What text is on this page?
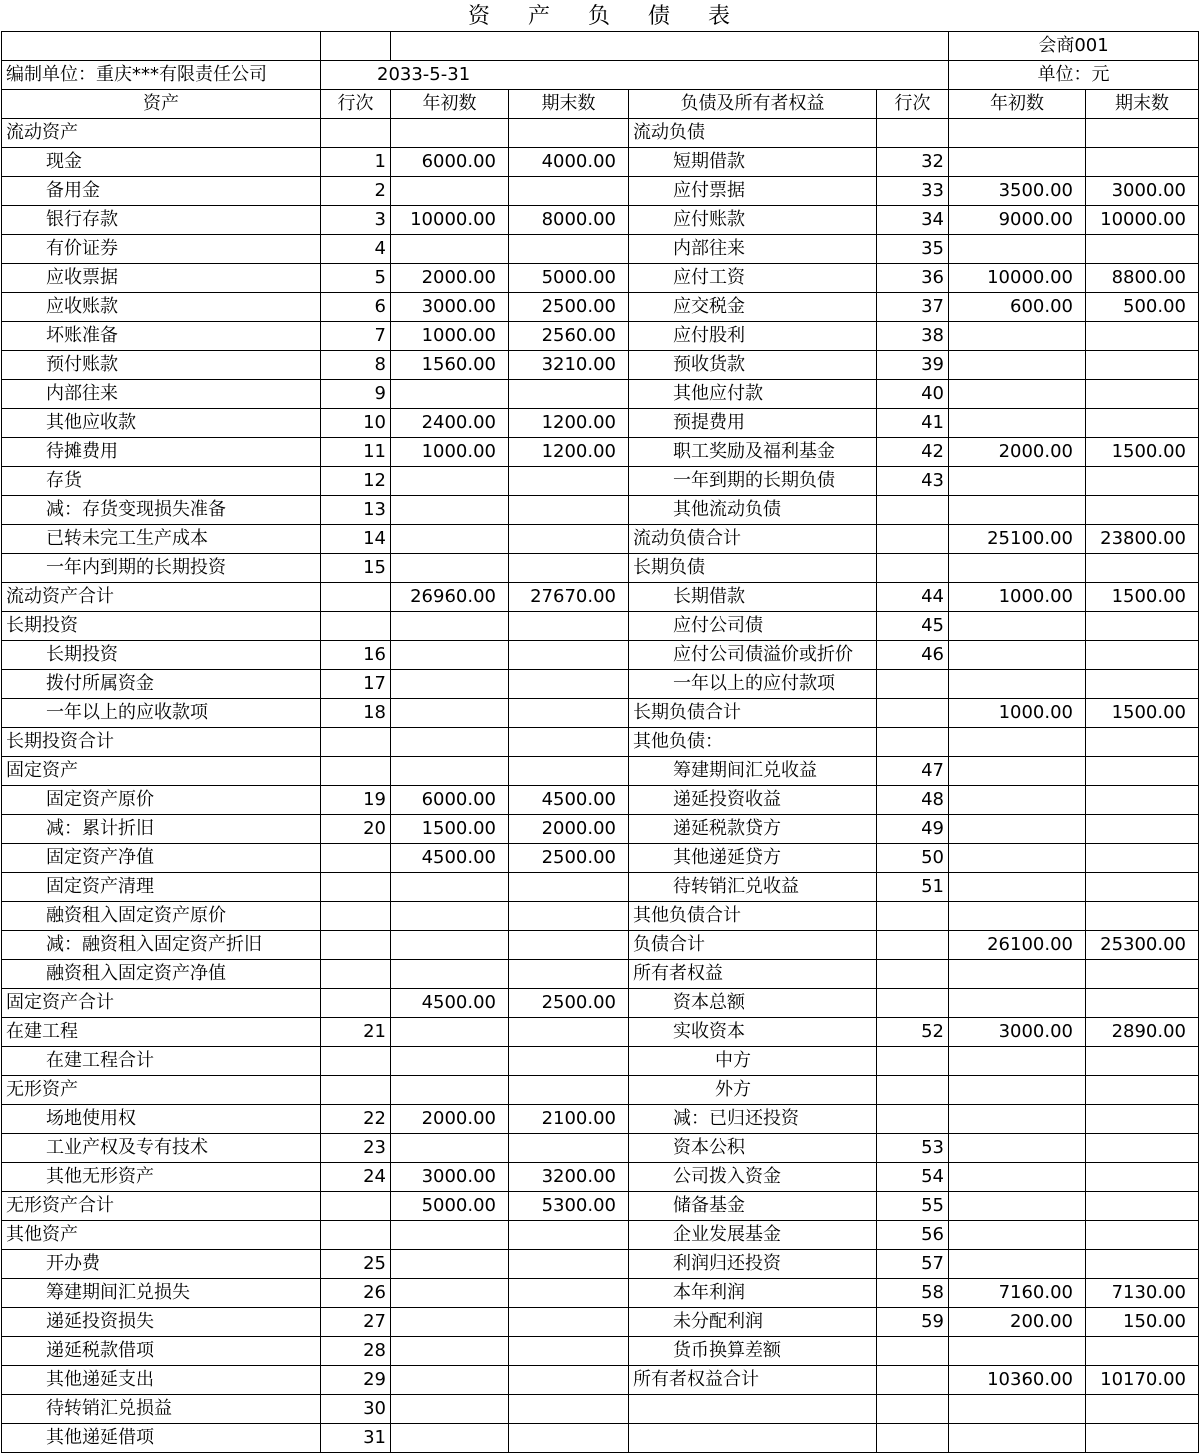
资 产 负 债 表
						会商001	
编制单位：重庆***有限责任公司	2033-5-31					单位：元	
资产	行次	年初数	期末数	负债及所有者权益	行次	年初数	期末数
流动资产				流动负债			
现金	1	6000.00	4000.00	短期借款	32		
备用金	2			应付票据	33	3500.00	3000.00
银行存款	3	10000.00	8000.00	应付账款	34	9000.00	10000.00
有价证券	4			内部往来	35		
应收票据	5	2000.00	5000.00	应付工资	36	10000.00	8800.00
应收账款	6	3000.00	2500.00	应交税金	37	600.00	500.00
坏账准备	7	1000.00	2560.00	应付股利	38		
预付账款	8	1560.00	3210.00	预收货款	39		
内部往来	9			其他应付款	40		
其他应收款	10	2400.00	1200.00	预提费用	41		
待摊费用	11	1000.00	1200.00	职工奖励及福利基金	42	2000.00	1500.00
存货	12			一年到期的长期负债	43		
减：存货变现损失准备	13			其他流动负债			
已转未完工生产成本	14			流动负债合计		25100.00	23800.00
一年内到期的长期投资	15			长期负债			
流动资产合计		26960.00	27670.00	长期借款	44	1000.00	1500.00
长期投资				应付公司债	45		
长期投资	16			应付公司债溢价或折价	46		
拨付所属资金	17			一年以上的应付款项			
一年以上的应收款项	18			长期负债合计		1000.00	1500.00
长期投资合计				其他负债：			
固定资产				筹建期间汇兑收益	47		
固定资产原价	19	6000.00	4500.00	递延投资收益	48		
减：累计折旧	20	1500.00	2000.00	递延税款贷方	49		
固定资产净值		4500.00	2500.00	其他递延贷方	50		
固定资产清理				待转销汇兑收益	51		
融资租入固定资产原价				其他负债合计			
减：融资租入固定资产折旧				负债合计		26100.00	25300.00
融资租入固定资产净值				所有者权益			
固定资产合计		4500.00	2500.00	资本总额			
在建工程	21			实收资本	52	3000.00	2890.00
在建工程合计				中方			
无形资产				外方			
场地使用权	22	2000.00	2100.00	减：已归还投资			
工业产权及专有技术	23			资本公积	53		
其他无形资产	24	3000.00	3200.00	公司拨入资金	54		
无形资产合计		5000.00	5300.00	储备基金	55		
其他资产				企业发展基金	56		
开办费	25			利润归还投资	57		
筹建期间汇兑损失	26			本年利润	58	7160.00	7130.00
递延投资损失	27			未分配利润	59	200.00	150.00
递延税款借项	28			货币换算差额			
其他递延支出	29			所有者权益合计		10360.00	10170.00
待转销汇兑损益	30						
其他递延借项	31						
